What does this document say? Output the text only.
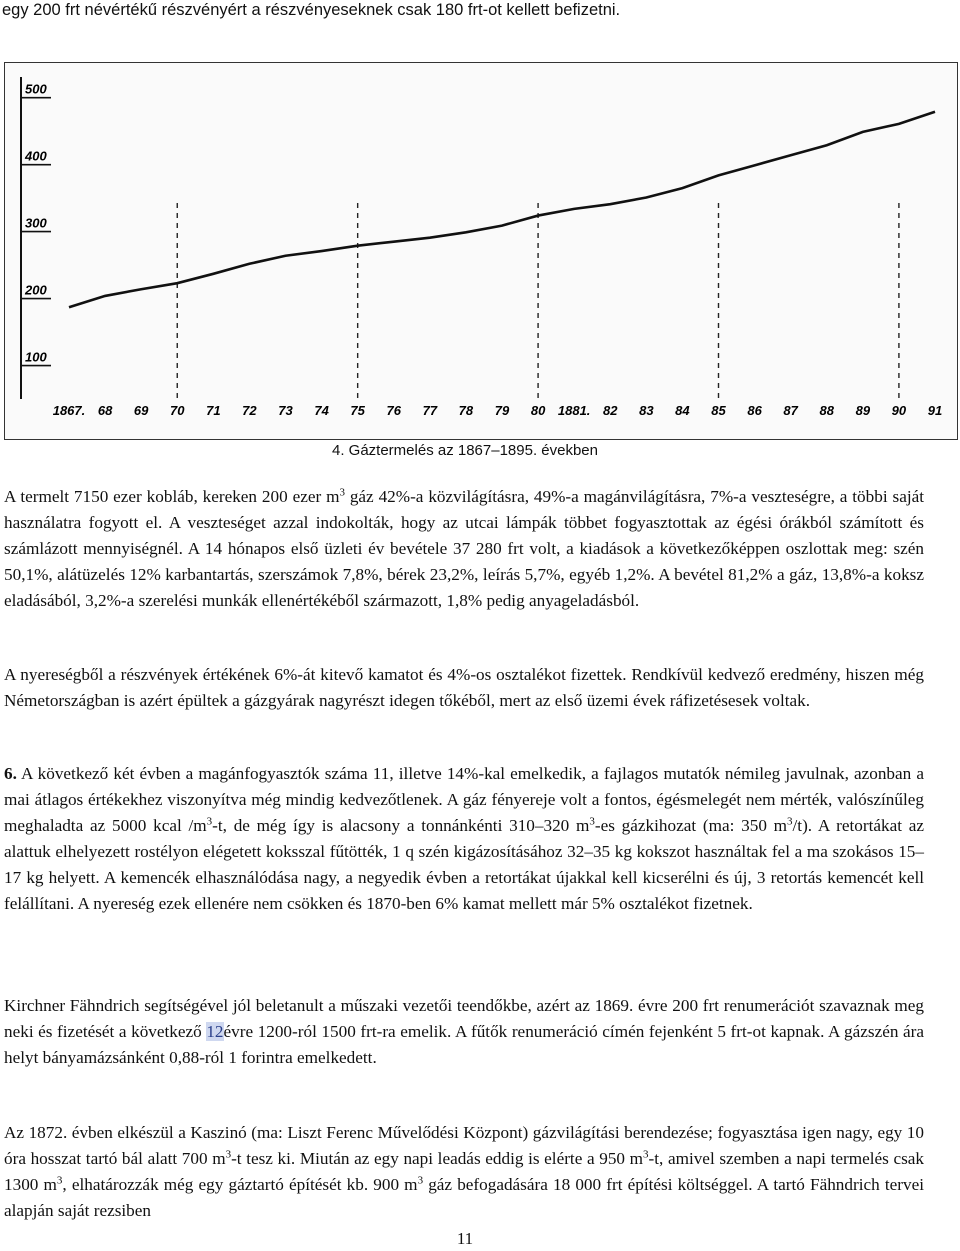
egy 200 frt névértékű részvényért a részvényeseknek csak 180 frt-ot kellett befizetni.
100
200
300
400
500
1867. 68 69 70 71 72 73 74 75 76 77 78 79 80 1881. 82 83 84 85 86 87 88 89 90 91
4. Gáztermelés az 1867–1895. években

A termelt 7150 ezer kobláb, kereken 200 ezer $m^3$ gáz 42%-a közvilágításra, 49%-a magánvilágításra, 7%-a veszteségre, a többi saját használatra fogyott el. A veszteséget azzal indokolták, hogy az utcai lámpák többet fogyasztottak az égési órákból számított és számlázott mennyiségnél. A 14 hónapos első üzleti év bevétele 37 280 frt volt, a kiadások a következőképpen oszlottak meg: szén 50,1%, alátüzelés 12% karbantartás, szerszámok 7,8%, bérek 23,2%, leírás 5,7%, egyéb 1,2%. A bevétel 81,2% a gáz, 13,8%-a koksz eladásából, 3,2%-a szerelési munkák ellenértékéből származott, 1,8% pedig anyageladásból.

A nyereségből a részvények értékének 6%-át kitevő kamatot és 4%-os osztalékot fizettek. Rendkívül kedvező eredmény, hiszen még Németországban is azért épültek a gázgyárak nagyrészt idegen tőkéből, mert az első üzemi évek ráfizetésesek voltak.

6. A következő két évben a magánfogyasztók száma 11, illetve 14%-kal emelkedik, a fajlagos mutatók némileg javulnak, azonban a mai átlagos értékekhez viszonyítva még mindig kedvezőtlenek. A gáz fényereje volt a fontos, égésmelegét nem mérték, valószínűleg meghaladta az 5000 kcal $/m^3-t$, de még így is alacsony a tonnánkénti 310–320 $m^3-es$ gázkihozat (ma: 350 $m^3/t$). A retortákat az alattuk elhelyezett rostélyon elégetett koksszal fűtötték, 1 q szén kigázosításához 32–35 kg kokszot használtak fel a ma szokásos 15–17 kg helyett. A kemencék elhasználódása nagy, a negyedik évben a retortákat újakkal kell kicserélni és új, 3 retortás kemencét kell felállítani. A nyereség ezek ellenére nem csökken és 1870-ben 6% kamat mellett már 5% osztalékot fizetnek.

Kirchner Fähndrich segítségével jól beletanult a műszaki vezetői teendőkbe, azért az 1869. évre 200 frt renumerációt szavaznak meg neki és fizetését a következő 12évre 1200-ról 1500 frt-ra emelik. A fűtők renumeráció címén fejenként 5 frt-ot kapnak. A gázszén ára helyt bányamázsánként 0,88-ról 1 forintra emelkedett.

Az 1872. évben elkészül a Kaszinó (ma: Liszt Ferenc Művelődési Központ) gázvilágítási berendezése; fogyasztása igen nagy, egy 10 óra hosszat tartó bál alatt 700 $m^3-t$ tesz ki. Miután az egy napi leadás eddig is elérte a 950 $m^3-t$, amivel szemben a napi termelés csak 1300 $m^3$, elhatározzák még egy gáztartó építését kb. 900 $m^3$ gáz befogadására 18 000 frt építési költséggel. A tartó Fähndrich tervei alapján saját rezsiben

11
